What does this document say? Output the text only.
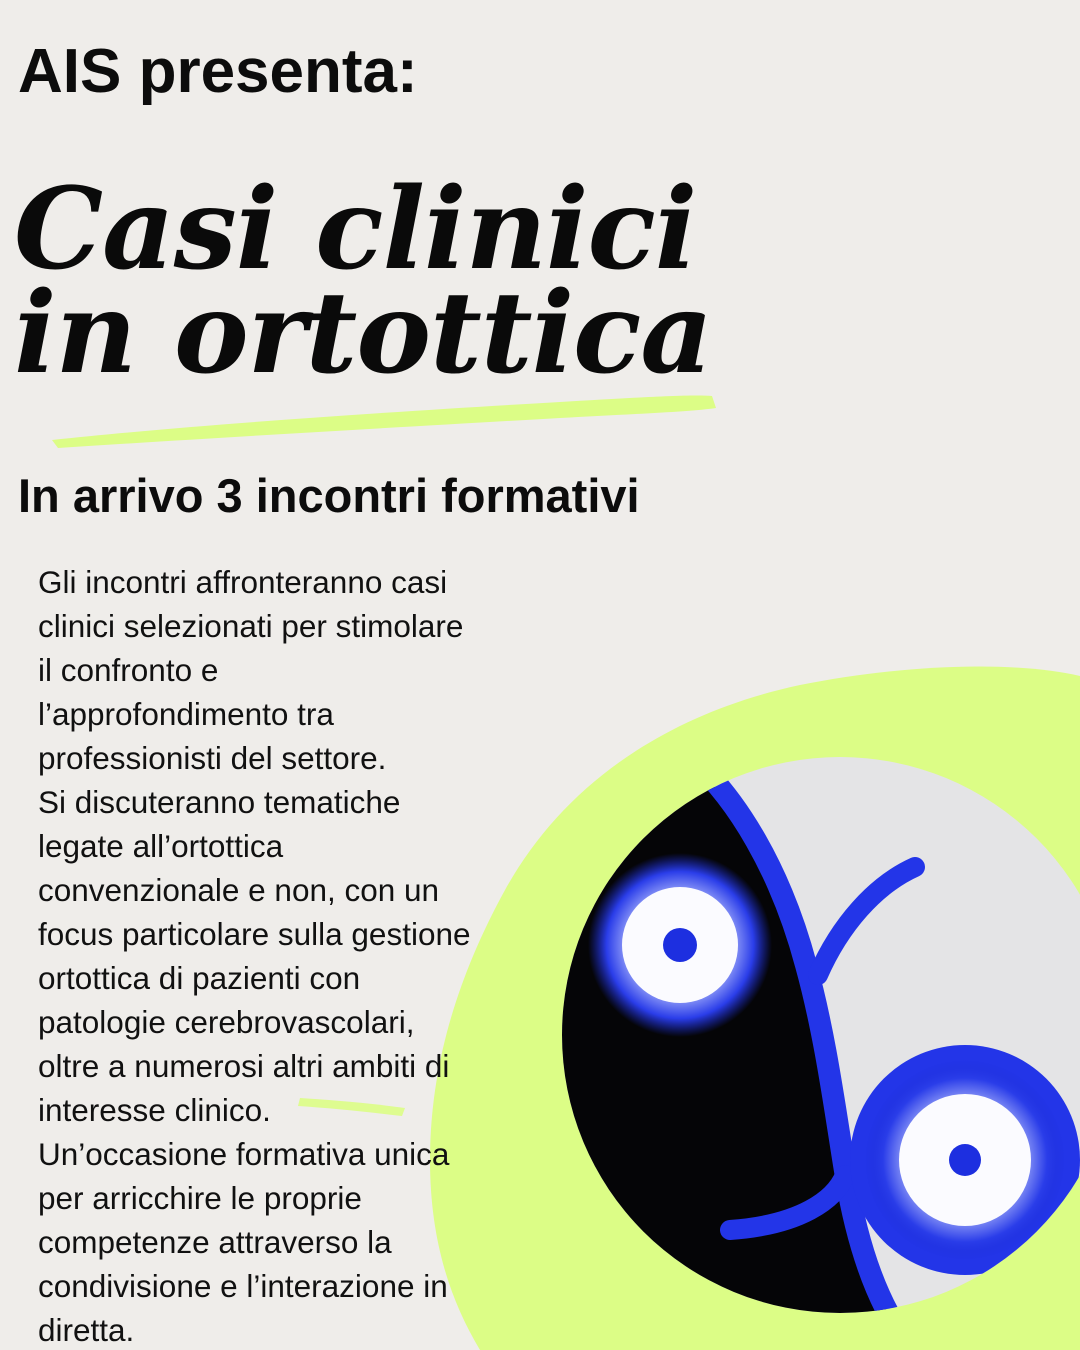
AIS presenta:
Casi clinici
in ortottica
In arrivo 3 incontri formativi
Gli incontri affronteranno casi
clinici selezionati per stimolare
il confronto e
l’approfondimento tra
professionisti del settore.
Si discuteranno tematiche
legate all’ortottica
convenzionale e non, con un
focus particolare sulla gestione
ortottica di pazienti con
patologie cerebrovascolari,
oltre a numerosi altri ambiti di
interesse clinico.
Un’occasione formativa unica
per arricchire le proprie
competenze attraverso la
condivisione e l’interazione in
diretta.
